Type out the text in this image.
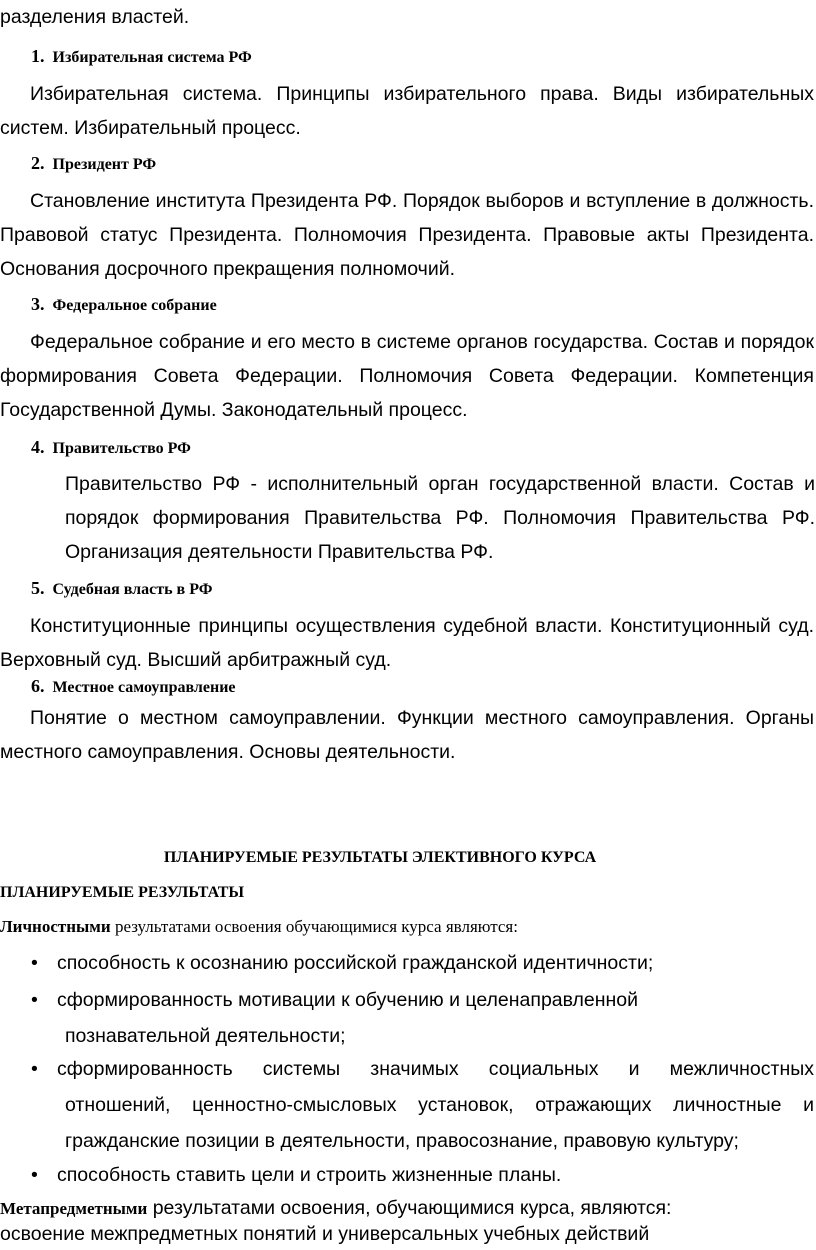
разделения властей.

1. Избирательная система РФ

Избирательная система. Принципы избирательного права. Виды избирательных систем. Избирательный процесс.

2. Президент РФ

Становление института Президента РФ. Порядок выборов и вступление в должность. Правовой статус Президента. Полномочия Президента. Правовые акты Президента. Основания досрочного прекращения полномочий.

3. Федеральное собрание

Федеральное собрание и его место в системе органов государства. Состав и порядок формирования Совета Федерации. Полномочия Совета Федерации. Компетенция Государственной Думы. Законодательный процесс.

4. Правительство РФ

Правительство РФ - исполнительный орган государственной власти. Состав и порядок формирования Правительства РФ. Полномочия Правительства РФ. Организация деятельности Правительства РФ.

5. Судебная власть в РФ

Конституционные принципы осуществления судебной власти. Конституционный суд. Верховный суд. Высший арбитражный суд.

6. Местное самоуправление

Понятие о местном самоуправлении. Функции местного самоуправления. Органы местного самоуправления. Основы деятельности.

ПЛАНИРУЕМЫЕ РЕЗУЛЬТАТЫ ЭЛЕКТИВНОГО КУРСА

ПЛАНИРУЕМЫЕ РЕЗУЛЬТАТЫ

Личностными результатами освоения обучающимися курса являются:

• способность к осознанию российской гражданской идентичности;
• сформированность мотивации к обучению и целенаправленной
познавательной деятельности;
• сформированность системы значимых социальных и межличностных
отношений, ценностно-смысловых установок, отражающих личностные и гражданские позиции в деятельности, правосознание, правовую культуру;
• способность ставить цели и строить жизненные планы.

Метапредметными результатами освоения, обучающимися курса, являются:

освоение межпредметных понятий и универсальных учебных действий
